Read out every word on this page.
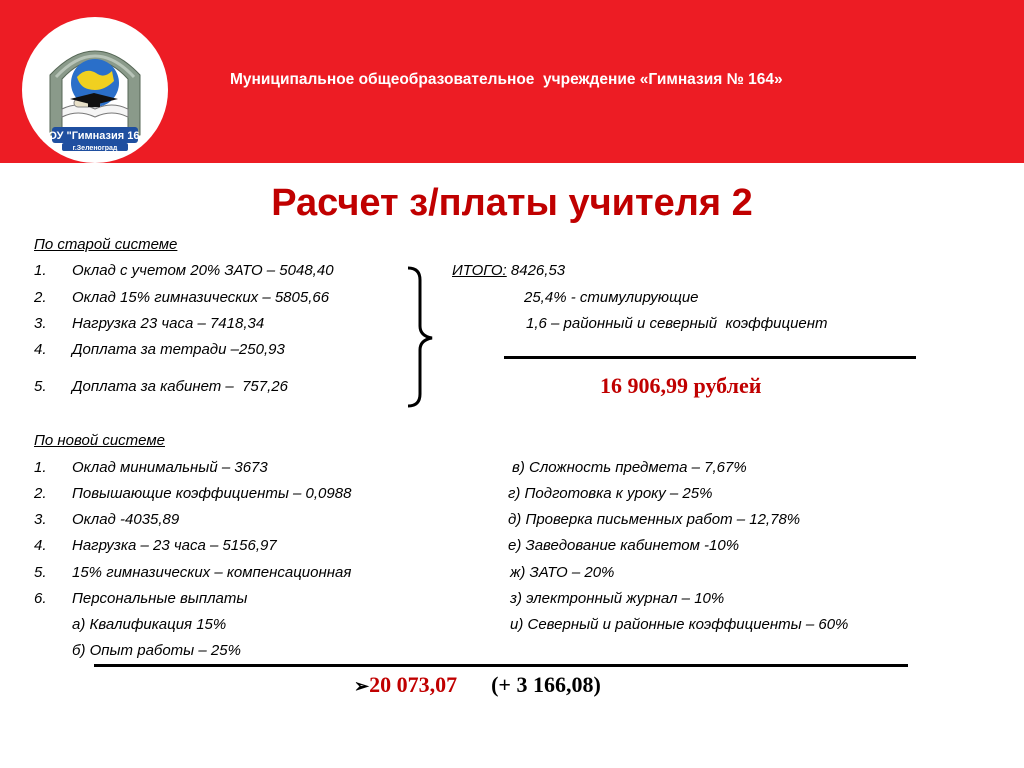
МОУ "Гимназия 164"
г.Зеленоград
Муниципальное общеобразовательное  учреждение «Гимназия № 164»
Расчет з/платы учителя 2
По старой системе
1. Оклад с учетом 20% ЗАТО – 5048,40
2. Оклад 15% гимназических – 5805,66
3. Нагрузка 23 часа – 7418,34
4. Доплата за тетради –250,93
5. Доплата за кабинет –  757,26
ИТОГО: 8426,53
25,4% - стимулирующие
1,6 – районный и северный  коэффициент
16 906,99 рублей
По новой системе
1. Оклад минимальный – 3673
2. Повышающие коэффициенты – 0,0988
3. Оклад -4035,89
4. Нагрузка – 23 часа – 5156,97
5. 15% гимназических – компенсационная
6. Персональные выплаты
а) Квалификация 15%
б) Опыт работы – 25%
в) Сложность предмета – 7,67%
г) Подготовка к уроку – 25%
д) Проверка письменных работ – 12,78%
е) Заведование кабинетом -10%
ж) ЗАТО – 20%
з) электронный журнал – 10%
и) Северный и районные коэффициенты – 60%
➢20 073,07 (+ 3 166,08)
